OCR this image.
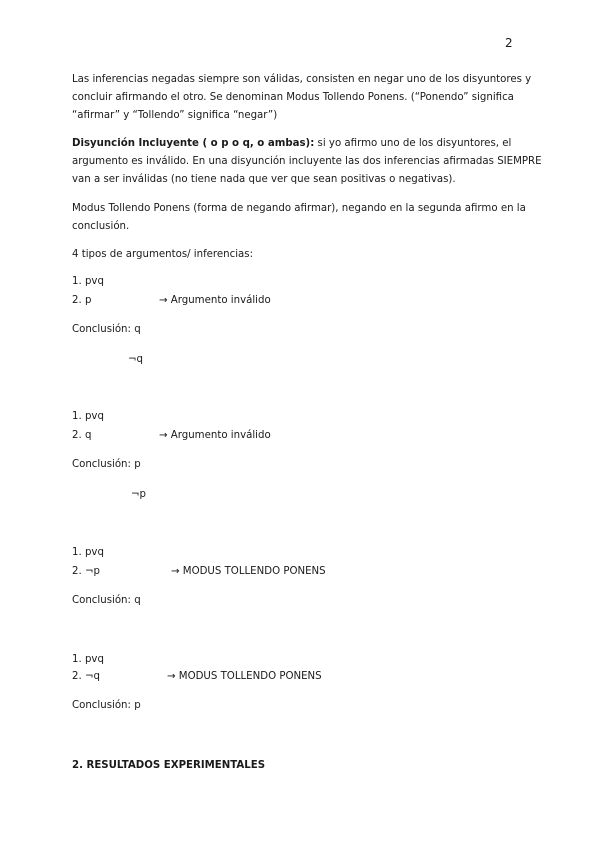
2

Las inferencias negadas siempre son válidas, consisten en negar uno de los disyuntores y

concluir afirmando el otro. Se denominan Modus Tollendo Ponens. (“Ponendo” significa

“afirmar” y “Tollendo” significa “negar”)

Disyunción Incluyente ( o p o q, o ambas): si yo afirmo uno de los disyuntores, el

argumento es inválido. En una disyunción incluyente las dos inferencias afirmadas SIEMPRE

van a ser inválidas (no tiene nada que ver que sean positivas o negativas).

Modus Tollendo Ponens (forma de negando afirmar), negando en la segunda afirmo en la

conclusión.

4 tipos de argumentos/ inferencias:

1. pvq
2. p	→ Argumento inválido
Conclusión: q
¬q
1. pvq
2. q	→ Argumento inválido
Conclusión: p
¬p
1. pvq
2. ¬p	→ MODUS TOLLENDO PONENS
Conclusión: q
1. pvq
2. ¬q	→ MODUS TOLLENDO PONENS
Conclusión: p
2. RESULTADOS EXPERIMENTALES
